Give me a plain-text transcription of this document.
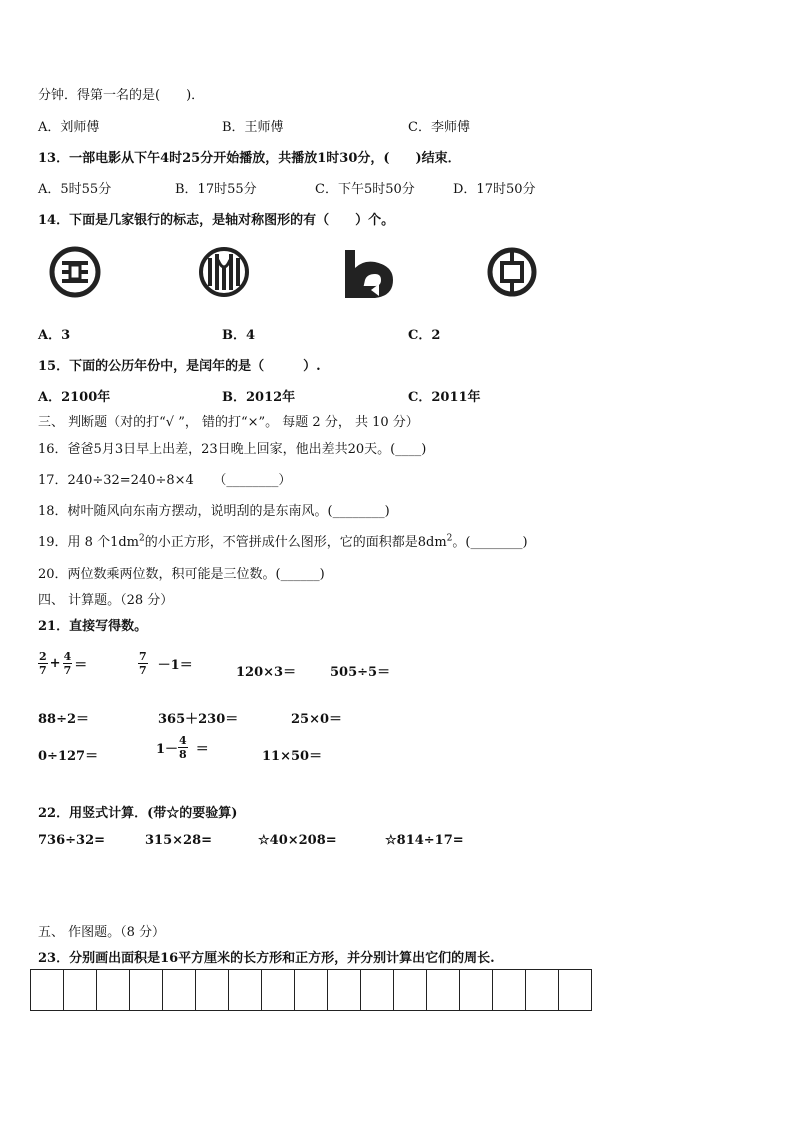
分钟．得第一名的是(　　)．
A．刘师傅	B．王师傅	C．李师傅
13．一部电影从下午4时25分开始播放，共播放1时30分，(　　)结束．
A．5时55分	B．17时55分	C．下午5时50分	D．17时50分
14．下面是几家银行的标志，是轴对称图形的有（　　）个。
A．3	B．4	C．2
15．下面的公历年份中，是闰年的是（　　　）.
A．2100年	B．2012年	C．2011年
三、 判断题（对的打“√ ”， 错的打“×”。 每题 2 分， 共 10 分）
16．爸爸5月3日早上出差，23日晚上回家，他出差共20天。(____)
17．240÷32=240÷8×4　　（________）
18．树叶随风向东南方摆动，说明刮的是东南风。(________)
19．用 8 个$1dm^2$的小正方形，不管拼成什么图形，它的面积都是$8dm^2$。(________)
20．两位数乘两位数，积可能是三位数。(______)
四、 计算题。（28 分）
21．直接写得数。
$\frac{2}{7} + \frac{4}{7}$ ＝	$\frac{7}{7} -1=$	120×3＝	505÷5＝
88÷2＝	365＋230＝	25×0＝
0÷127＝	$1- \frac{4}{8}$ ＝	11×50＝
22．用竖式计算．(带☆的要验算)
736÷32=	315×28=	☆40×208=	☆814÷17=
五、 作图题。（8 分）
23．分别画出面积是16平方厘米的长方形和正方形，并分别计算出它们的周长.
